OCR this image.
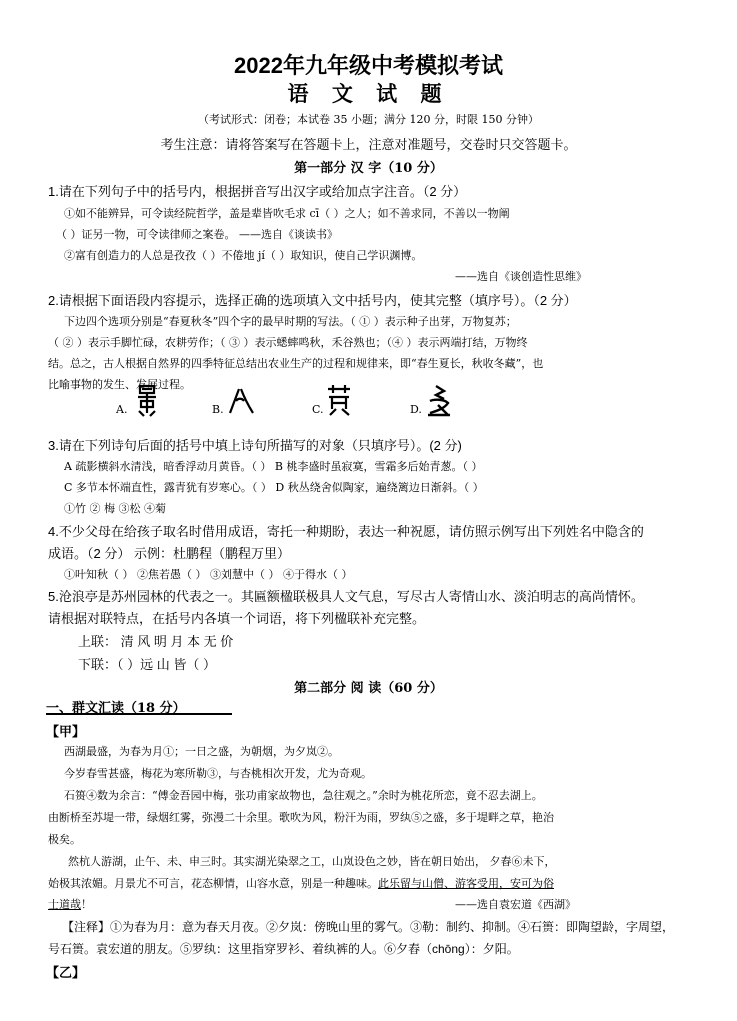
2022年九年级中考模拟考试
语 文 试 题
（考试形式：闭卷；本试卷 35 小题；满分 120 分，时限 150 分钟）
考生注意：请将答案写在答题卡上，注意对准题号，交卷时只交答题卡。
第一部分 汉 字（10 分）
1.请在下列句子中的括号内，根据拼音写出汉字或给加点字注音。（2 分）
①如不能辨异，可令读经院哲学，盖是辈皆吹毛求 cī（ ）之人；如不善求同，不善以一物阐
（ ）证另一物，可令读律师之案卷。 ——选自《谈读书》
②富有创造力的人总是孜孜（ ）不倦地 jí（ ）取知识，使自己学识渊博。
——选自《谈创造性思维》
2.请根据下面语段内容提示，选择正确的选项填入文中括号内，使其完整（填序号）。（2 分）
下边四个选项分别是“春夏秋冬”四个字的最早时期的写法。（ ① ）表示种子出芽，万物复苏；
（ ② ）表示手脚忙碌，农耕劳作；（ ③ ）表示蟋蟀鸣秋，禾谷熟也；（④ ）表示两端打结，万物终
结。总之，古人根据自然界的四季特征总结出农业生产的过程和规律来，即“春生夏长，秋收冬藏”，也
比喻事物的发生、发展过程。
A.	B.	C.	D.
3.请在下列诗句后面的括号中填上诗句所描写的对象（只填序号）。(2 分)
A 疏影横斜水清浅，暗香浮动月黄昏。（ ） B 桃李盛时虽寂寞，雪霜多后始青葱。（ ）
C 多节本怀端直性，露青犹有岁寒心。（ ） D 秋丛绕舍似陶家，遍绕篱边日渐斜。（ ）
①竹 ② 梅 ③松 ④菊
4.不少父母在给孩子取名时借用成语，寄托一种期盼，表达一种祝愿，请仿照示例写出下列姓名中隐含的
成语。（2 分） 示例：杜鹏程（鹏程万里）
①叶知秋（ ） ②焦若愚（ ） ③刘慧中（ ） ④于得水（ ）
5.沧浪亭是苏州园林的代表之一。其匾额楹联极具人文气息，写尽古人寄情山水、淡泊明志的高尚情怀。
请根据对联特点，在括号内各填一个词语，将下列楹联补充完整。
上联： 清 风 明 月 本 无 价
下联：（ ）远 山 皆（ ）
第二部分 阅 读（60 分）
一、群文汇读（18 分）
【甲】
西湖最盛，为春为月①；一日之盛，为朝烟，为夕岚②。
今岁春雪甚盛，梅花为寒所勒③，与杏桃相次开发，尤为奇观。
石篑④数为余言：“傅金吾园中梅，张功甫家故物也，急往观之。”余时为桃花所恋，竟不忍去湖上。
由断桥至苏堤一带，绿烟红雾，弥漫二十余里。歌吹为风，粉汗为雨，罗纨⑤之盛，多于堤畔之草，艳治
极矣。
然杭人游湖，止午、未、申三时。其实湖光染翠之工，山岚设色之妙，皆在朝日始出， 夕舂⑥未下，
始极其浓媚。月景尤不可言，花态柳情，山容水意，别是一种趣味。此乐留与山僧、游客受用，安可为俗
士道哉！	——选自袁宏道《西湖》
【注释】①为春为月：意为春天月夜。②夕岚：傍晚山里的雾气。③勒：制约、抑制。④石篑：即陶望龄，字周望，
号石篑。袁宏道的朋友。⑤罗纨：这里指穿罗衫、着纨裤的人。⑥夕舂（chōng）：夕阳。
【乙】
